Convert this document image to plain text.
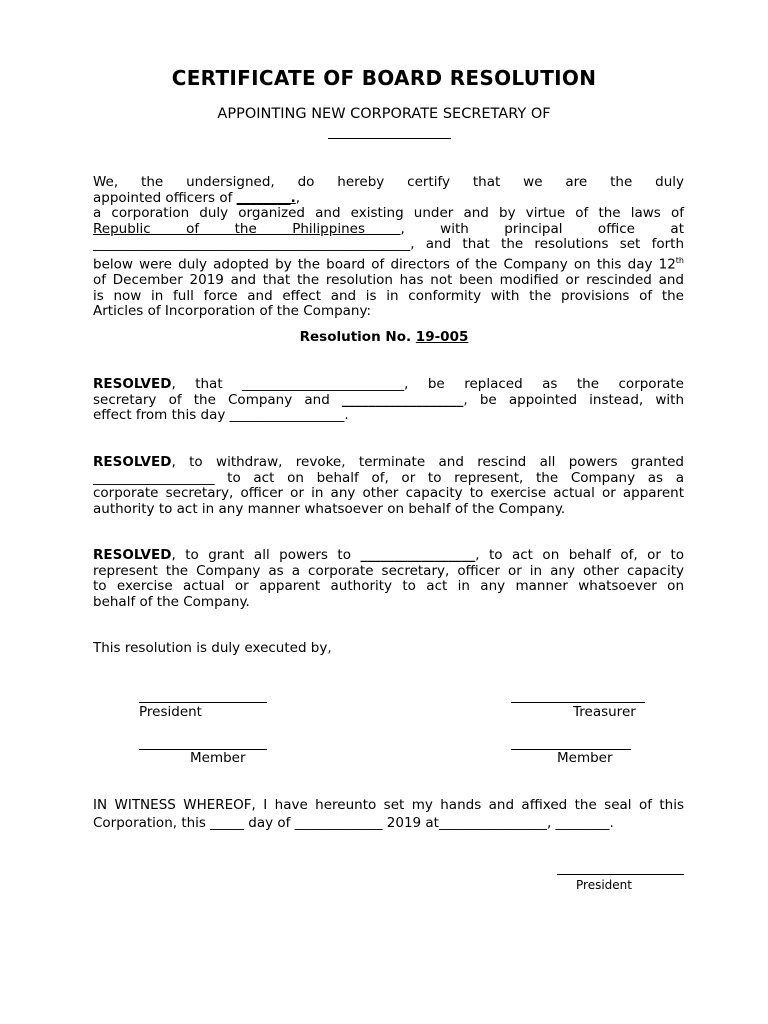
CERTIFICATE OF BOARD RESOLUTION
APPOINTING NEW CORPORATE SECRETARY OF
We, the undersigned, do hereby certify that we are the duly
appointed officers of ________.,
a corporation duly organized and existing under and by virtue of the laws of
Republic of the Philippines , with principal office at
_______________________________________________, and that the resolutions set forth
below were duly adopted by the board of directors of the Company on this day 12th
of December 2019 and that the resolution has not been modified or rescinded and
is now in full force and effect and is in conformity with the provisions of the
Articles of Incorporation of the Company:
Resolution No. 19-005
RESOLVED, that ________________________, be replaced as the corporate
secretary of the Company and __________________, be appointed instead, with
effect from this day _________________.
RESOLVED, to withdraw, revoke, terminate and rescind all powers granted
__________________ to act on behalf of, or to represent, the Company as a
corporate secretary, officer or in any other capacity to exercise actual or apparent
authority to act in any manner whatsoever on behalf of the Company.
RESOLVED, to grant all powers to _________________, to act on behalf of, or to
represent the Company as a corporate secretary, officer or in any other capacity
to exercise actual or apparent authority to act in any manner whatsoever on
behalf of the Company.
This resolution is duly executed by,
President	Treasurer
Member	Member
IN WITNESS WHEREOF, I have hereunto set my hands and affixed the seal of this
Corporation, this _____ day of _____________ 2019 at________________, ________.
President
